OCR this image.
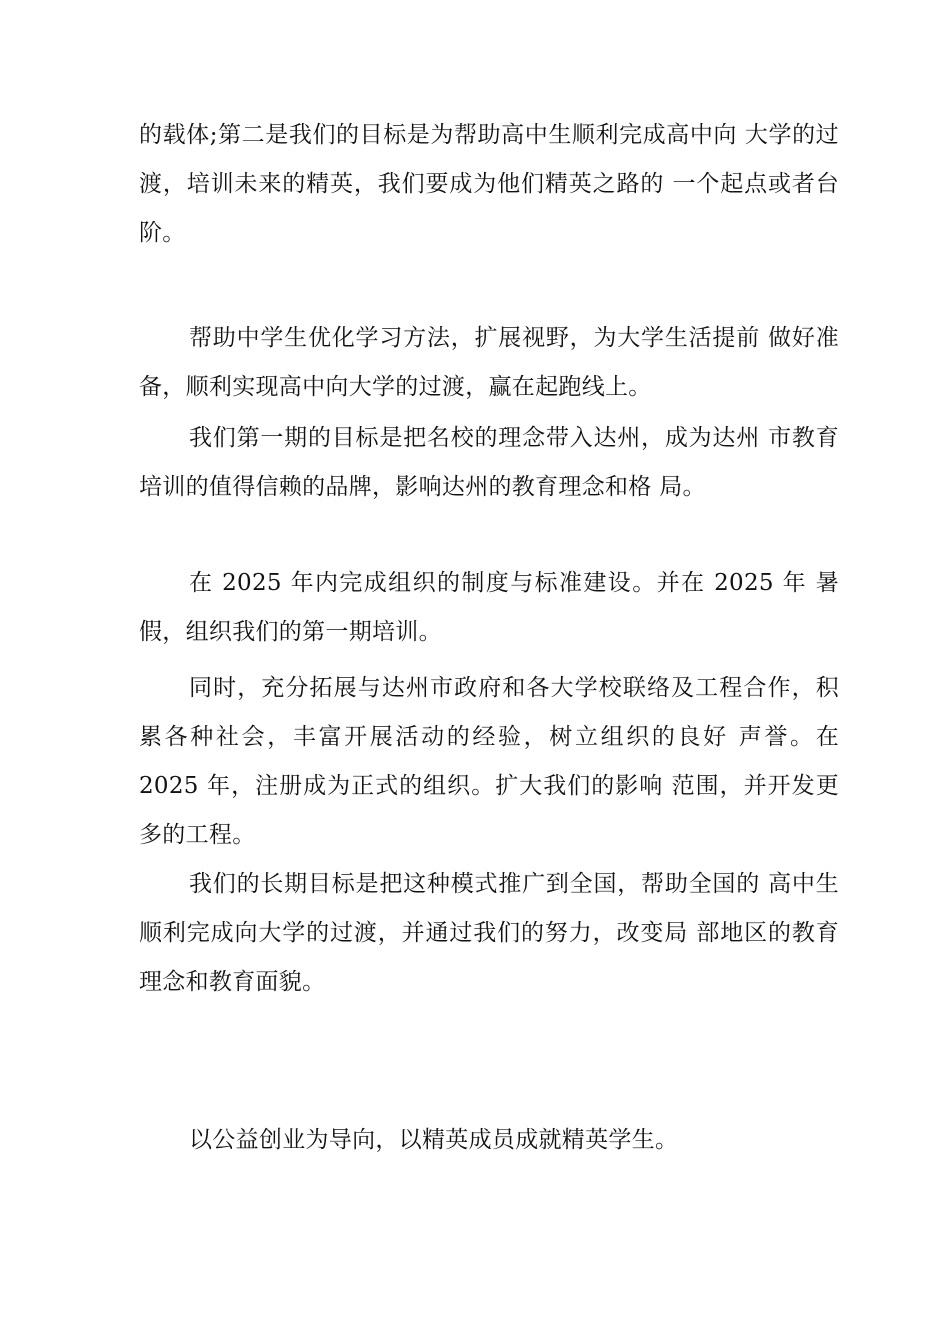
的载体;第二是我们的目标是为帮助高中生顺利完成高中向 大学的过渡，培训未来的精英，我们要成为他们精英之路的 一个起点或者台阶。

帮助中学生优化学习方法，扩展视野，为大学生活提前 做好准备，顺利实现高中向大学的过渡，赢在起跑线上。

我们第一期的目标是把名校的理念带入达州，成为达州 市教育培训的值得信赖的品牌，影响达州的教育理念和格 局。

在 2025 年内完成组织的制度与标准建设。并在 2025 年 暑假，组织我们的第一期培训。

同时，充分拓展与达州市政府和各大学校联络及工程合作，积累各种社会，丰富开展活动的经验，树立组织的良好 声誉。在 2025 年，注册成为正式的组织。扩大我们的影响 范围，并开发更多的工程。

我们的长期目标是把这种模式推广到全国，帮助全国的 高中生顺利完成向大学的过渡，并通过我们的努力，改变局 部地区的教育理念和教育面貌。

以公益创业为导向，以精英成员成就精英学生。
